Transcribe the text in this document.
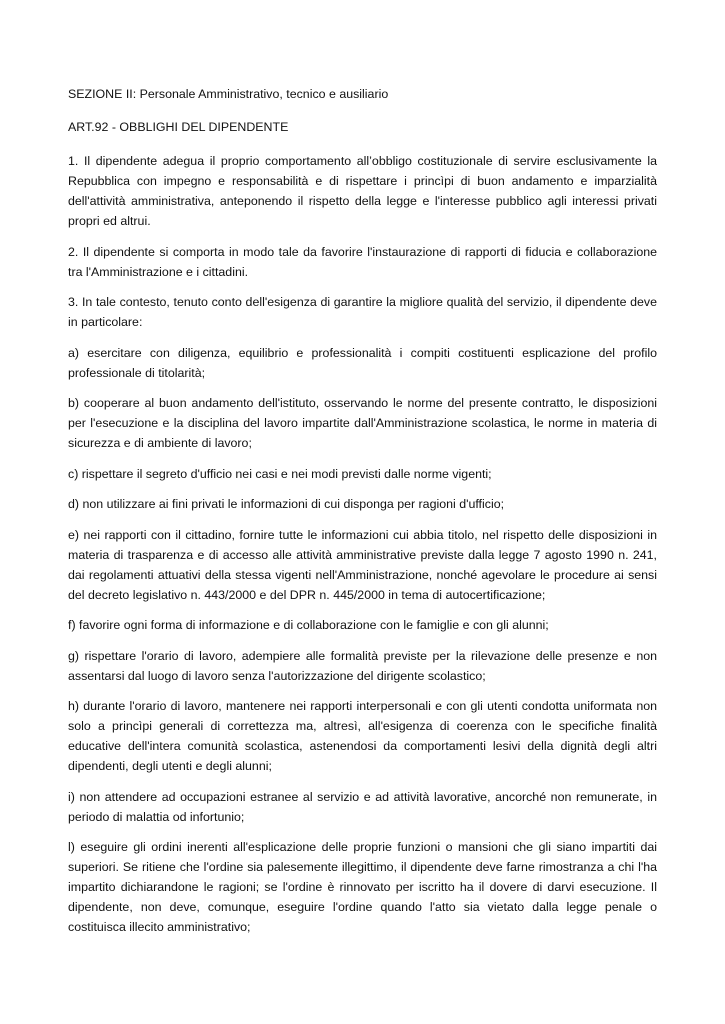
SEZIONE II: Personale Amministrativo, tecnico e ausiliario

ART.92 - OBBLIGHI DEL DIPENDENTE

1. Il dipendente adegua il proprio comportamento all’obbligo costituzionale di servire esclusivamente la Repubblica con impegno e responsabilità e di rispettare i princìpi di buon andamento e imparzialità dell'attività amministrativa, anteponendo il rispetto della legge e l'interesse pubblico agli interessi privati propri ed altrui.

2. Il dipendente si comporta in modo tale da favorire l'instaurazione di rapporti di fiducia e collaborazione tra l'Amministrazione e i cittadini.

3. In tale contesto, tenuto conto dell'esigenza di garantire la migliore qualità del servizio, il dipendente deve in particolare:

a) esercitare con diligenza, equilibrio e professionalità i compiti costituenti esplicazione del profilo professionale di titolarità;

b) cooperare al buon andamento dell'istituto, osservando le norme del presente contratto, le disposizioni per l'esecuzione e la disciplina del lavoro impartite dall'Amministrazione scolastica, le norme in materia di sicurezza e di ambiente di lavoro;

c) rispettare il segreto d'ufficio nei casi e nei modi previsti dalle norme vigenti;

d) non utilizzare ai fini privati le informazioni di cui disponga per ragioni d'ufficio;

e) nei rapporti con il cittadino, fornire tutte le informazioni cui abbia titolo, nel rispetto delle disposizioni in materia di trasparenza e di accesso alle attività amministrative previste dalla legge 7 agosto 1990 n. 241, dai regolamenti attuativi della stessa vigenti nell'Amministrazione, nonché agevolare le procedure ai sensi del decreto legislativo n. 443/2000 e del DPR n. 445/2000 in tema di autocertificazione;

f) favorire ogni forma di informazione e di collaborazione con le famiglie e con gli alunni;

g) rispettare l'orario di lavoro, adempiere alle formalità previste per la rilevazione delle presenze e non assentarsi dal luogo di lavoro senza l'autorizzazione del dirigente scolastico;

h) durante l'orario di lavoro, mantenere nei rapporti interpersonali e con gli utenti condotta uniformata non solo a princìpi generali di correttezza ma, altresì, all'esigenza di coerenza con le specifiche finalità educative dell'intera comunità scolastica, astenendosi da comportamenti lesivi della dignità degli altri dipendenti, degli utenti e degli alunni;

i) non attendere ad occupazioni estranee al servizio e ad attività lavorative, ancorché non remunerate, in periodo di malattia od infortunio;

l) eseguire gli ordini inerenti all'esplicazione delle proprie funzioni o mansioni che gli siano impartiti dai superiori. Se ritiene che l'ordine sia palesemente illegittimo, il dipendente deve farne rimostranza a chi l'ha impartito dichiarandone le ragioni; se l'ordine è rinnovato per iscritto ha il dovere di darvi esecuzione. Il dipendente, non deve, comunque, eseguire l'ordine quando l'atto sia vietato dalla legge penale o costituisca illecito amministrativo;
